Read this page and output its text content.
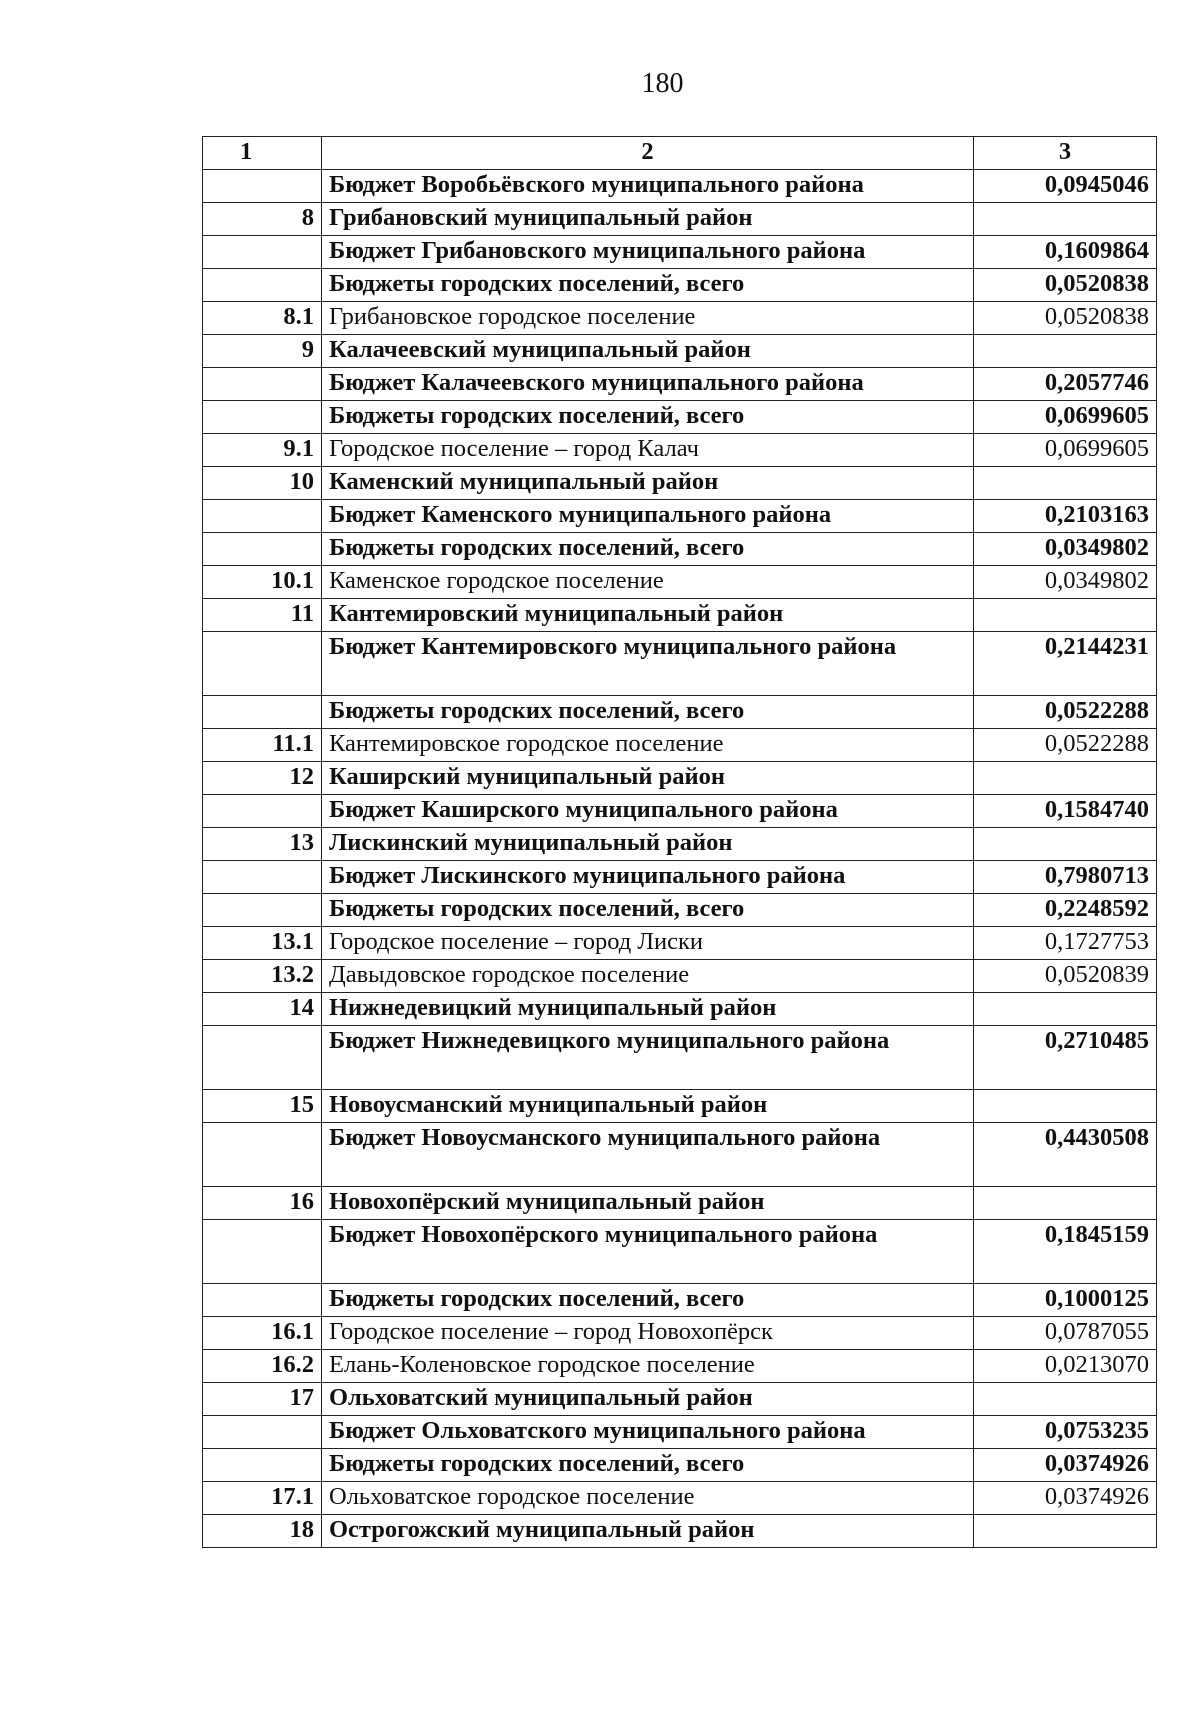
180
1	2	3
	Бюджет Воробьёвского муниципального района	0,0945046
8	Грибановский муниципальный район	
	Бюджет Грибановского муниципального района	0,1609864
	Бюджеты городских поселений, всего	0,0520838
8.1	Грибановское городское поселение	0,0520838
9	Калачеевский муниципальный район	
	Бюджет Калачеевского муниципального района	0,2057746
	Бюджеты городских поселений, всего	0,0699605
9.1	Городское поселение – город Калач	0,0699605
10	Каменский муниципальный район	
	Бюджет Каменского муниципального района	0,2103163
	Бюджеты городских поселений, всего	0,0349802
10.1	Каменское городское поселение	0,0349802
11	Кантемировский муниципальный район	
	Бюджет Кантемировского муниципального района	0,2144231
	Бюджеты городских поселений, всего	0,0522288
11.1	Кантемировское городское поселение	0,0522288
12	Каширский муниципальный район	
	Бюджет Каширского муниципального района	0,1584740
13	Лискинский муниципальный район	
	Бюджет Лискинского муниципального района	0,7980713
	Бюджеты городских поселений, всего	0,2248592
13.1	Городское поселение – город Лиски	0,1727753
13.2	Давыдовское городское поселение	0,0520839
14	Нижнедевицкий муниципальный район	
	Бюджет Нижнедевицкого муниципального района	0,2710485
15	Новоусманский муниципальный район	
	Бюджет Новоусманского муниципального района	0,4430508
16	Новохопёрский муниципальный район	
	Бюджет Новохопёрского муниципального района	0,1845159
	Бюджеты городских поселений, всего	0,1000125
16.1	Городское поселение – город Новохопёрск	0,0787055
16.2	Елань-Коленовское городское поселение	0,0213070
17	Ольховатский муниципальный район	
	Бюджет Ольховатского муниципального района	0,0753235
	Бюджеты городских поселений, всего	0,0374926
17.1	Ольховатское городское поселение	0,0374926
18	Острогожский муниципальный район	
